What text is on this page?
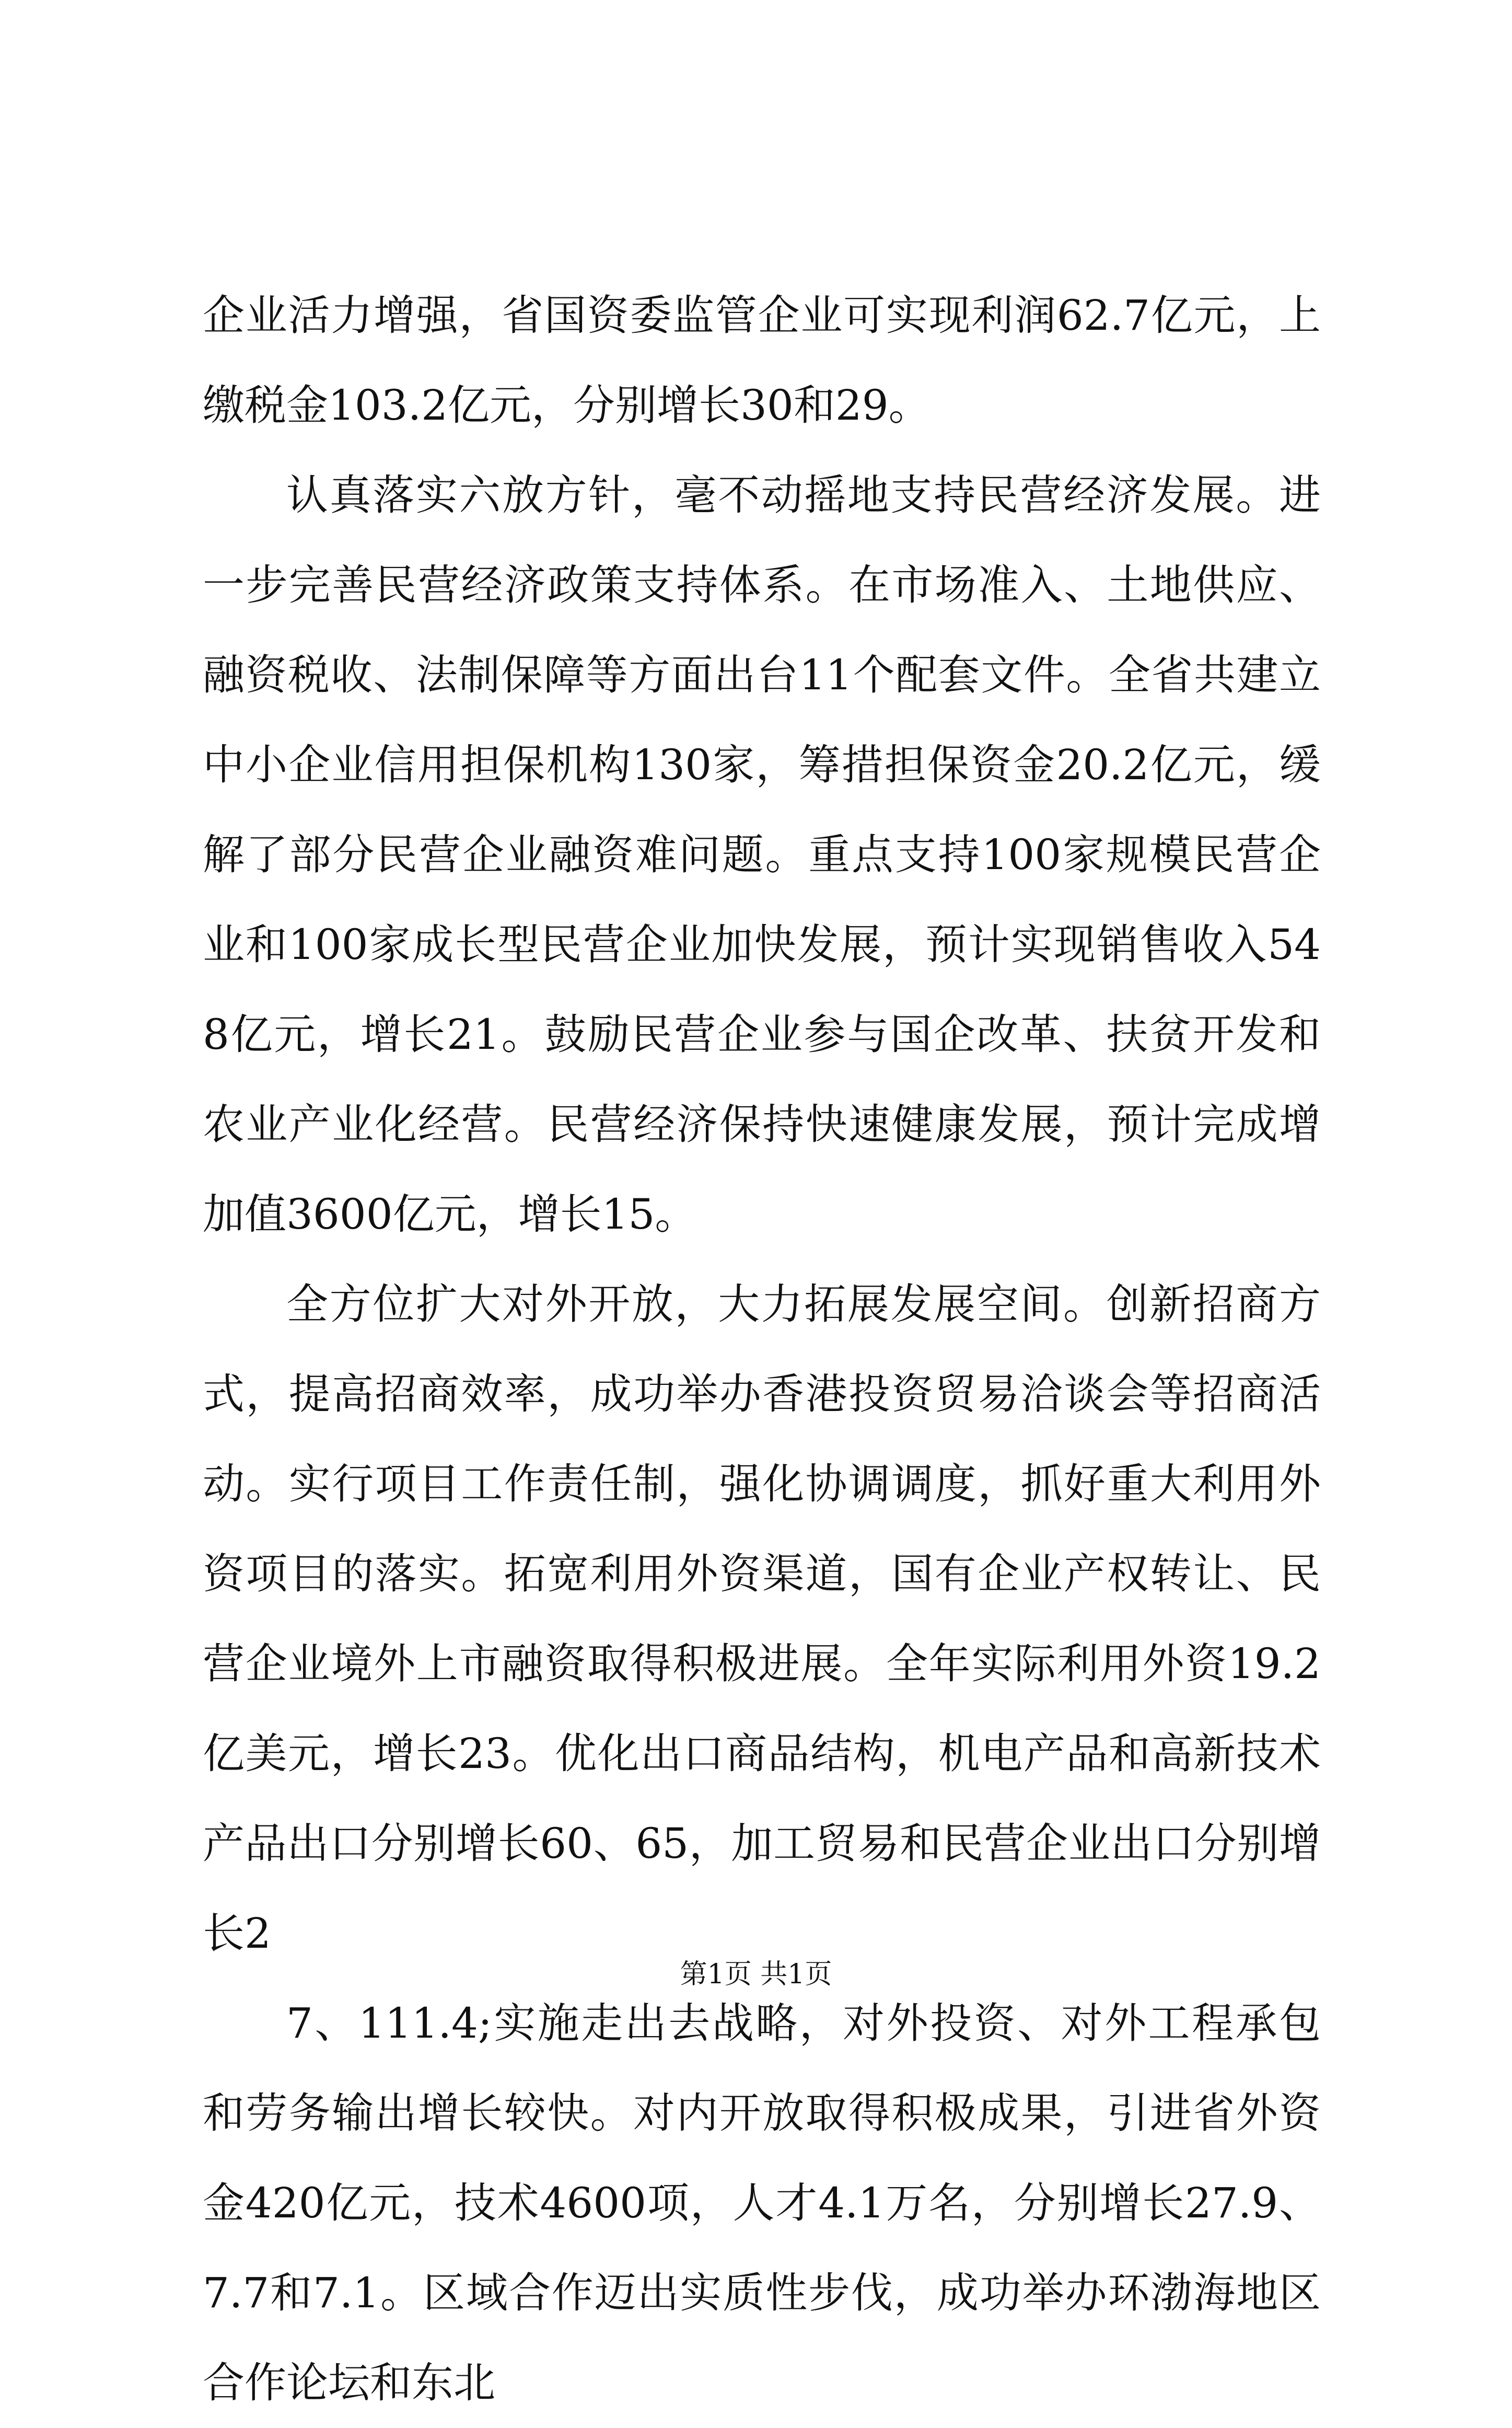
企业活力增强，省国资委监管企业可实现利润62.7亿元，上缴税金103.2亿元，分别增长30和29。

认真落实六放方针，毫不动摇地支持民营经济发展。进一步完善民营经济政策支持体系。在市场准入、土地供应、融资税收、法制保障等方面出台11个配套文件。全省共建立中小企业信用担保机构130家，筹措担保资金20.2亿元，缓解了部分民营企业融资难问题。重点支持100家规模民营企业和100家成长型民营企业加快发展，预计实现销售收入548亿元，增长21。鼓励民营企业参与国企改革、扶贫开发和农业产业化经营。民营经济保持快速健康发展，预计完成增加值3600亿元，增长15。

全方位扩大对外开放，大力拓展发展空间。创新招商方式，提高招商效率，成功举办香港投资贸易洽谈会等招商活动。实行项目工作责任制，强化协调调度，抓好重大利用外资项目的落实。拓宽利用外资渠道，国有企业产权转让、民营企业境外上市融资取得积极进展。全年实际利用外资19.2亿美元，增长23。优化出口商品结构，机电产品和高新技术产品出口分别增长60、65，加工贸易和民营企业出口分别增长2

7、111.4;实施走出去战略，对外投资、对外工程承包和劳务输出增长较快。对内开放取得积极成果，引进省外资金420亿元，技术4600项，人才4.1万名，分别增长27.9、7.7和7.1。区域合作迈出实质性步伐，成功举办环渤海地区合作论坛和东北

第1页 共1页
